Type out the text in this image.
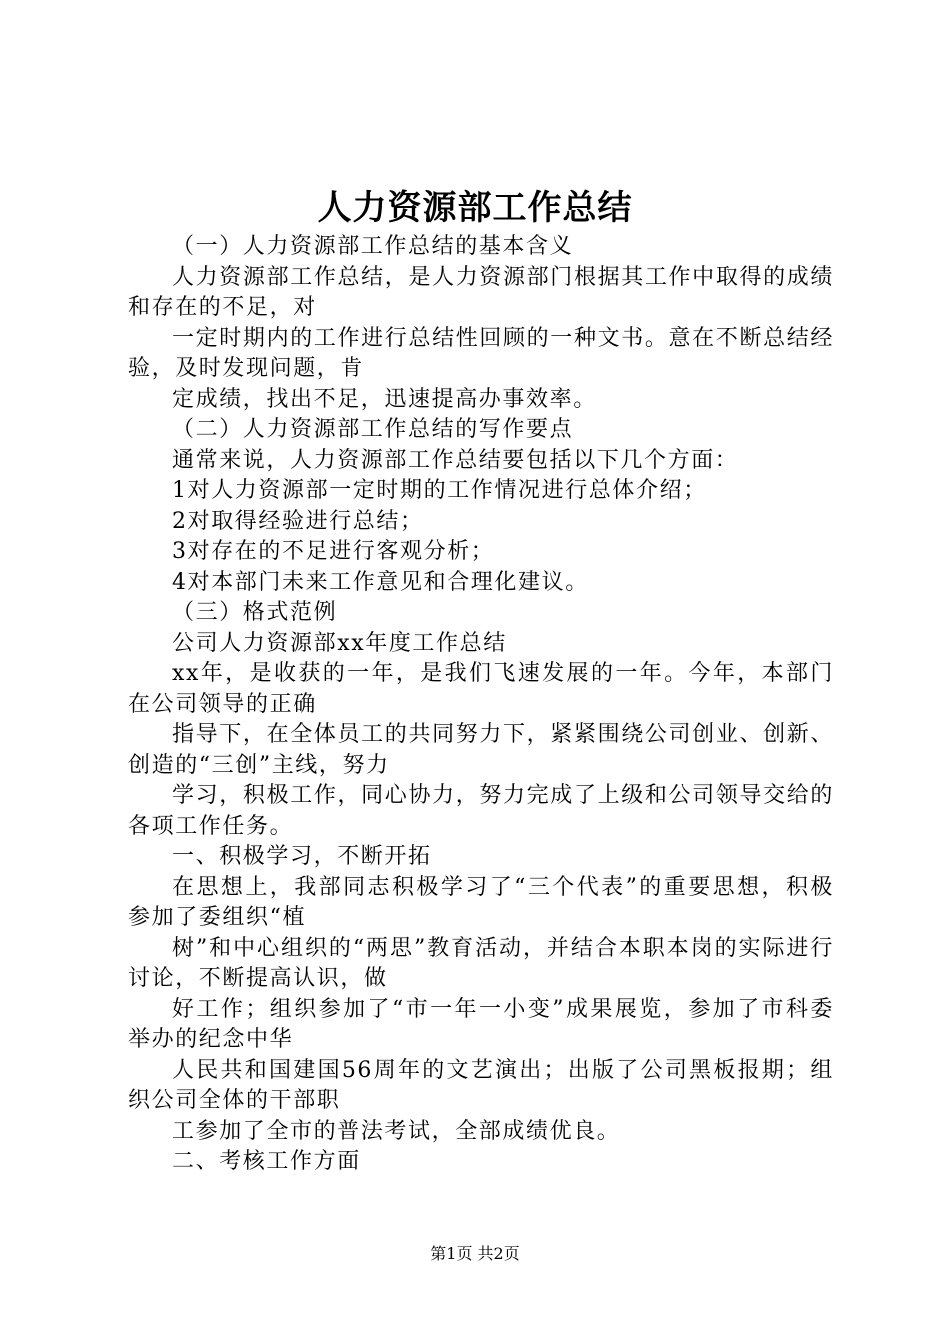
人力资源部工作总结

（一）人力资源部工作总结的基本含义

人力资源部工作总结，是人力资源部门根据其工作中取得的成绩和存在的不足，对

一定时期内的工作进行总结性回顾的一种文书。意在不断总结经验，及时发现问题，肯

定成绩，找出不足，迅速提高办事效率。

（二）人力资源部工作总结的写作要点

通常来说，人力资源部工作总结要包括以下几个方面：

1对人力资源部一定时期的工作情况进行总体介绍；

2对取得经验进行总结；

3对存在的不足进行客观分析；

4对本部门未来工作意见和合理化建议。

（三）格式范例

公司人力资源部xx年度工作总结

xx年，是收获的一年，是我们飞速发展的一年。今年，本部门在公司领导的正确

指导下，在全体员工的共同努力下，紧紧围绕公司创业、创新、创造的“三创”主线，努力

学习，积极工作，同心协力，努力完成了上级和公司领导交给的各项工作任务。

一、积极学习，不断开拓

在思想上，我部同志积极学习了“三个代表”的重要思想，积极参加了委组织“植

树”和中心组织的“两思”教育活动，并结合本职本岗的实际进行讨论，不断提高认识，做

好工作；组织参加了“市一年一小变”成果展览，参加了市科委举办的纪念中华

人民共和国建国56周年的文艺演出；出版了公司黑板报期；组织公司全体的干部职

工参加了全市的普法考试，全部成绩优良。

二、考核工作方面

第1页 共2页
